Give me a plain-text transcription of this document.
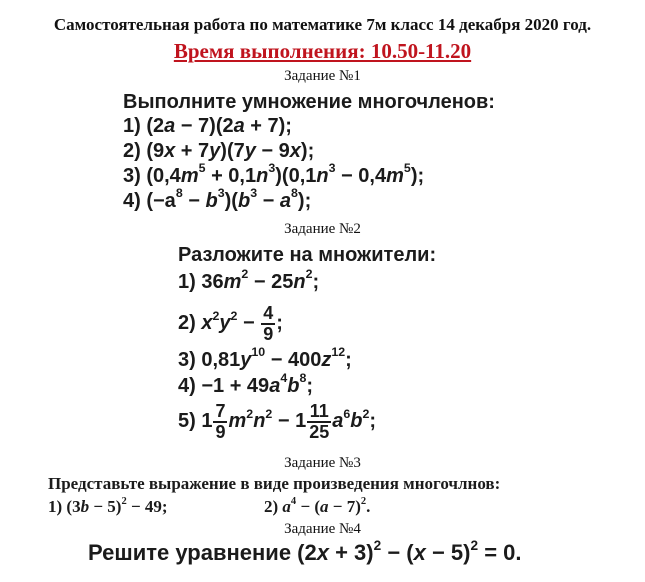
Самостоятельная работа по математике 7м класс 14 декабря 2020 год.
Время выполнения: 10.50-11.20
Задание №1
Выполните умножение многочленов:
1) (2a − 7)(2a + 7);
2) (9x + 7y)(7y − 9x);
3) $(0,4m^5 + 0,1n^3)(0,1n^3 - 0,4m^5)$;
4) $(-a^8 - b^3)(b^3 - a^8)$;
Задание №2
Разложите на множители:
1) $36m^2 - 25n^2$;
2) $x^2y^2 - \frac{4}{9}$ ;
3) $0,81y^{10} - 400z^{12}$;
$4) -1 + 49a^4b^8$;
5) $1 \frac{7}{9} m^2n^2 - 1 \frac{11}{25} a^6b^2$;
Задание №3
Представьте выражение в виде произведения многочлнов:
1) $(3b - 5)^2 - 49$;	2) $a^4 - (a - 7)^2$.
Задание №4
Решите уравнение $(2x + 3)^2 - (x - 5)^2 = 0$.
